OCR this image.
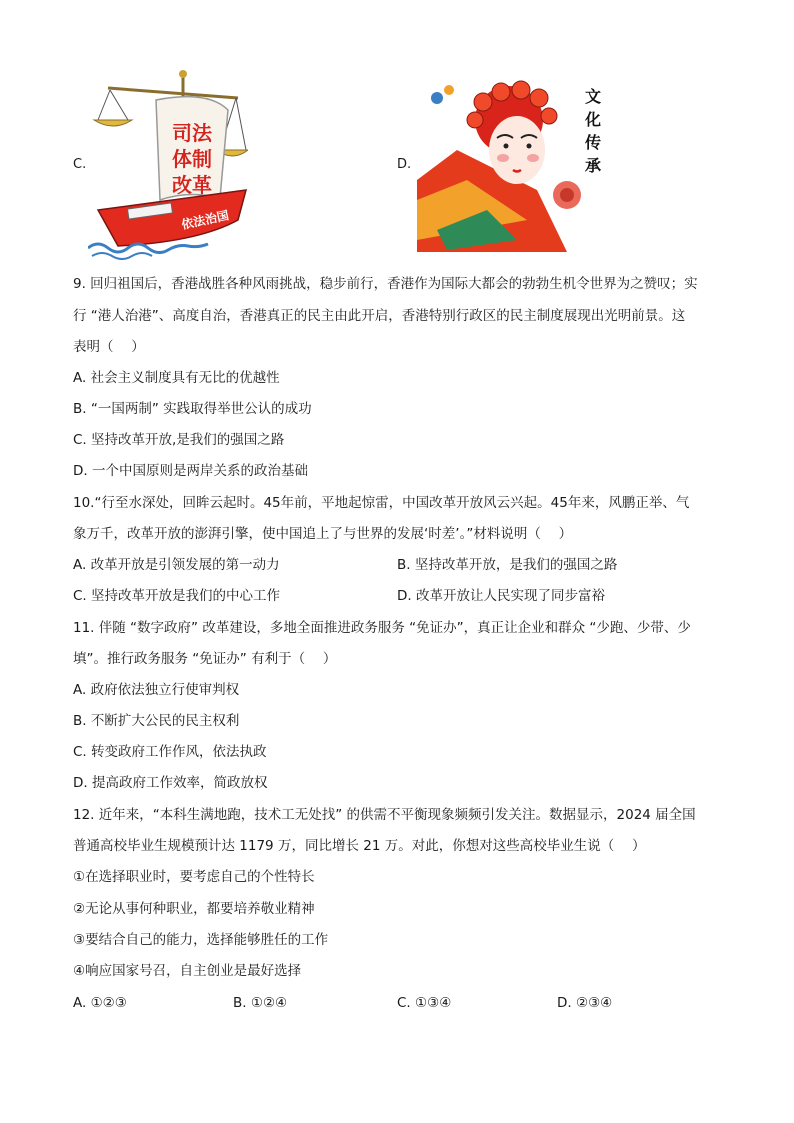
C.
司法
体制
改革
依法治国
D.
文
化
传
承
9. 回归祖国后，香港战胜各种风雨挑战，稳步前行，香港作为国际大都会的勃勃生机令世界为之赞叹；实
行 “港人治港”、高度自治，香港真正的民主由此开启，香港特别行政区的民主制度展现出光明前景。这
表明（　 ）
A. 社会主义制度具有无比的优越性
B. “一国两制” 实践取得举世公认的成功
C. 坚持改革开放,是我们的强国之路
D. 一个中国原则是两岸关系的政治基础
10.“行至水深处，回眸云起时。45年前，平地起惊雷，中国改革开放风云兴起。45年来，风鹏正举、气
象万千，改革开放的澎湃引擎，使中国追上了与世界的发展‘时差’。”材料说明（　 ）
A. 改革开放是引领发展的第一动力	B. 坚持改革开放，是我们的强国之路
C. 坚持改革开放是我们的中心工作	D. 改革开放让人民实现了同步富裕
11. 伴随 “数字政府” 改革建设，多地全面推进政务服务 “免证办”，真正让企业和群众 “少跑、少带、少
填”。推行政务服务 “免证办” 有利于（　 ）
A. 政府依法独立行使审判权
B. 不断扩大公民的民主权利
C. 转变政府工作作风，依法执政
D. 提高政府工作效率，简政放权
12. 近年来，“本科生满地跑，技术工无处找” 的供需不平衡现象频频引发关注。数据显示，2024 届全国
普通高校毕业生规模预计达 1179 万，同比增长 21 万。对此，你想对这些高校毕业生说（　 ）
①在选择职业时，要考虑自己的个性特长
②无论从事何种职业，都要培养敬业精神
③要结合自己的能力，选择能够胜任的工作
④响应国家号召，自主创业是最好选择
A. ①②③	B. ①②④	C. ①③④	D. ②③④
